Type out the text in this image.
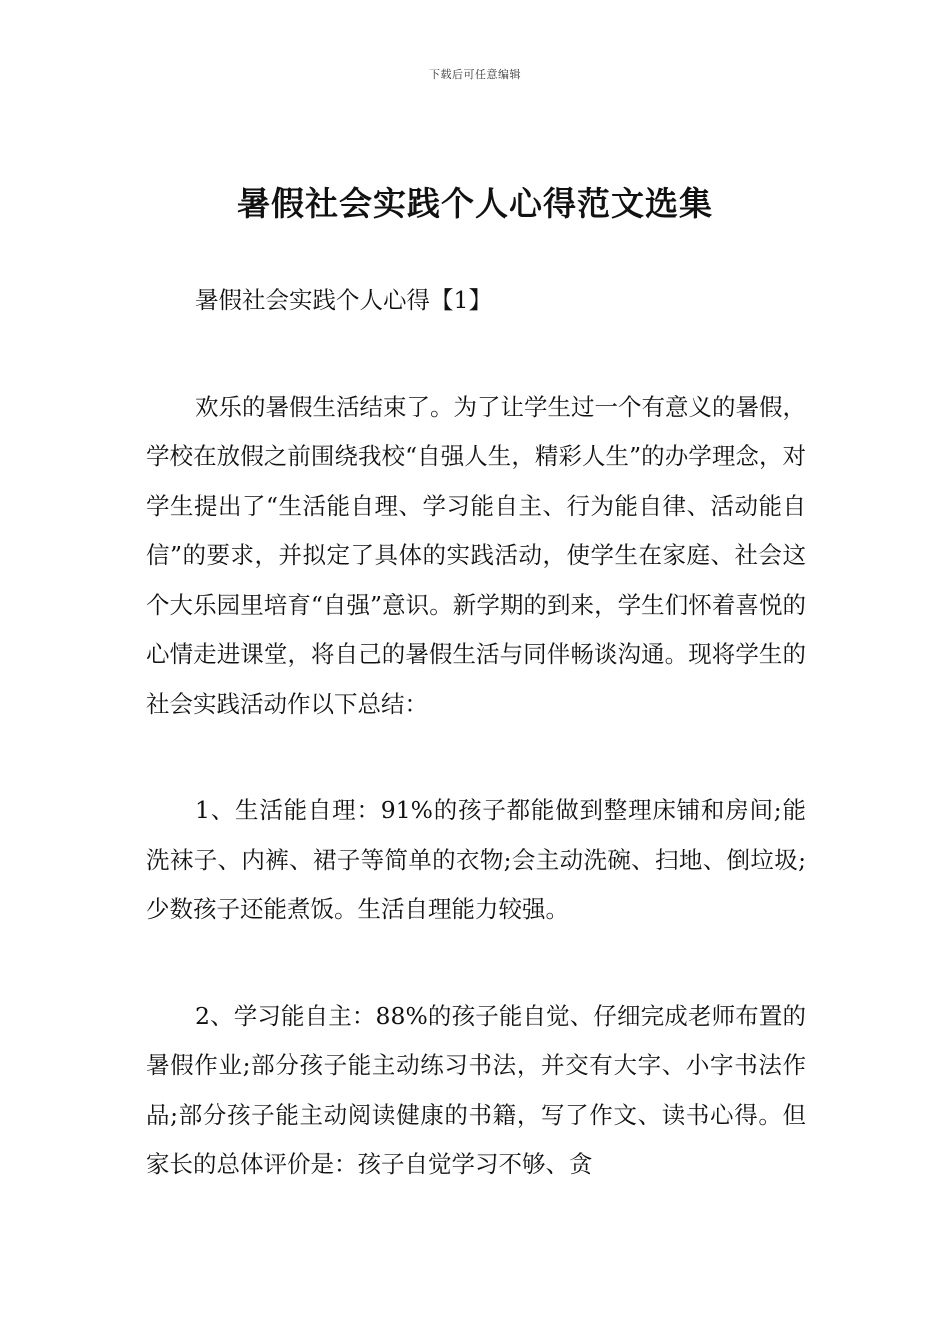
下载后可任意编辑
暑假社会实践个人心得范文选集

暑假社会实践个人心得【1】

欢乐的暑假生活结束了。为了让学生过一个有意义的暑假，学校在放假之前围绕我校“自强人生，精彩人生”的办学理念，对学生提出了“生活能自理、学习能自主、行为能自律、活动能自信”的要求，并拟定了具体的实践活动，使学生在家庭、社会这个大乐园里培育“自强”意识。新学期的到来，学生们怀着喜悦的心情走进课堂，将自己的暑假生活与同伴畅谈沟通。现将学生的社会实践活动作以下总结：

1、生活能自理：91%的孩子都能做到整理床铺和房间;能洗袜子、内裤、裙子等简单的衣物;会主动洗碗、扫地、倒垃圾;少数孩子还能煮饭。生活自理能力较强。

2、学习能自主：88%的孩子能自觉、仔细完成老师布置的暑假作业;部分孩子能主动练习书法，并交有大字、小字书法作品;部分孩子能主动阅读健康的书籍，写了作文、读书心得。但家长的总体评价是：孩子自觉学习不够、贪
